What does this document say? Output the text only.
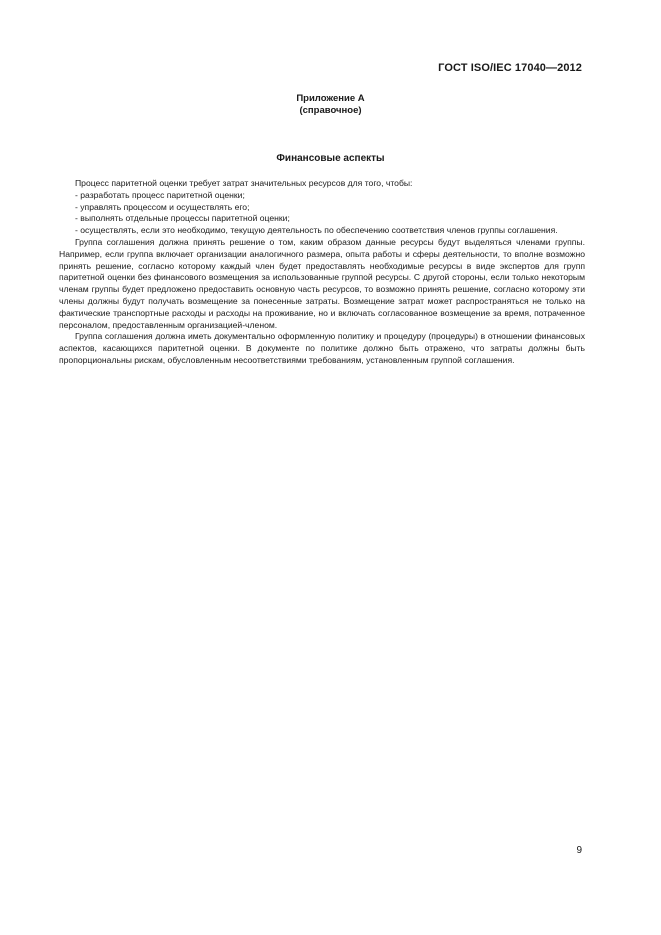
ГОСТ ISO/IEC 17040—2012
Приложение А
(справочное)
Финансовые аспекты

Процесс паритетной оценки требует затрат значительных ресурсов для того, чтобы:

- разработать процесс паритетной оценки;

- управлять процессом и осуществлять его;

- выполнять отдельные процессы паритетной оценки;

- осуществлять, если это необходимо, текущую деятельность по обеспечению соответствия членов группы соглашения.

Группа соглашения должна принять решение о том, каким образом данные ресурсы будут выделяться членами группы. Например, если группа включает организации аналогичного размера, опыта работы и сферы деятельности, то вполне возможно принять решение, согласно которому каждый член будет предоставлять необходимые ресурсы в виде экспертов для групп паритетной оценки без финансового возмещения за использованные группой ресурсы. С другой стороны, если только некоторым членам группы будет предложено предоставить основную часть ресурсов, то возможно принять решение, согласно которому эти члены должны будут получать возмещение за понесенные затраты. Возмещение затрат может распространяться не только на фактические транспортные расходы и расходы на проживание, но и включать согласованное возмещение за время, потраченное персоналом, предоставленным организацией-членом.

Группа соглашения должна иметь документально оформленную политику и процедуру (процедуры) в отношении финансовых аспектов, касающихся паритетной оценки. В документе по политике должно быть отражено, что затраты должны быть пропорциональны рискам, обусловленным несоответствиями требованиям, установленным группой соглашения.

9
